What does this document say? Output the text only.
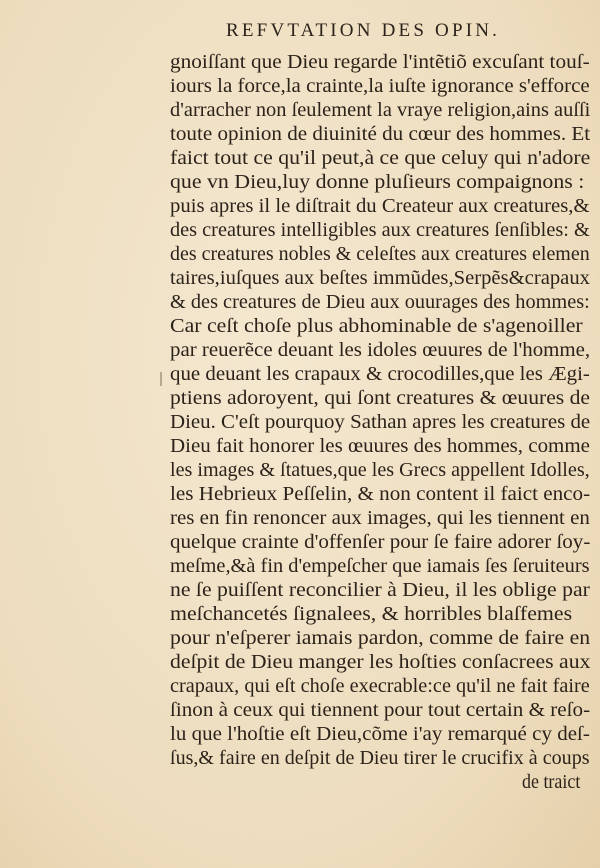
REFVTATION DES OPIN.
gnoiſſant que Dieu regarde l'intẽtiõ excuſant touſ-
iours la force,la crainte,la iuſte ignorance s'efforce
d'arracher non ſeulement la vraye religion,ains auſſi
toute opinion de diuinité du cœur des hommes. Et
faict tout ce qu'il peut,à ce que celuy qui n'adore
que vn Dieu,luy donne pluſieurs compaignons :
puis apres il le diſtrait du Createur aux creatures,&
des creatures intelligibles aux creatures ſenſibles: &
des creatures nobles & celeſtes aux creatures elemen
taires,iuſques aux beſtes immũdes,Serpẽs&crapaux
& des creatures de Dieu aux ouurages des hommes:
Car ceſt choſe plus abhominable de s'agenoiller
par reuerẽce deuant les idoles œuures de l'homme,
que deuant les crapaux & crocodilles,que les Ægi-
ptiens adoroyent, qui ſont creatures & œuures de
Dieu. C'eſt pourquoy Sathan apres les creatures de
Dieu fait honorer les œuures des hommes, comme
les images & ſtatues,que les Grecs appellent Idolles,
les Hebrieux Peſſelin, & non content il faict enco-
res en fin renoncer aux images, qui les tiennent en
quelque crainte d'offenſer pour ſe faire adorer ſoy-
meſme,&à fin d'empeſcher que iamais ſes ſeruiteurs
ne ſe puiſſent reconcilier à Dieu, il les oblige par
meſchancetés ſignalees, & horribles blaſfemes
pour n'eſperer iamais pardon, comme de faire en
deſpit de Dieu manger les hoſties conſacrees aux
crapaux, qui eſt choſe execrable:ce qu'il ne fait faire
ſinon à ceux qui tiennent pour tout certain & reſo-
lu que l'hoſtie eſt Dieu,cõme i'ay remarqué cy deſ-
ſus,& faire en deſpit de Dieu tirer le crucifix à coups
de traict
